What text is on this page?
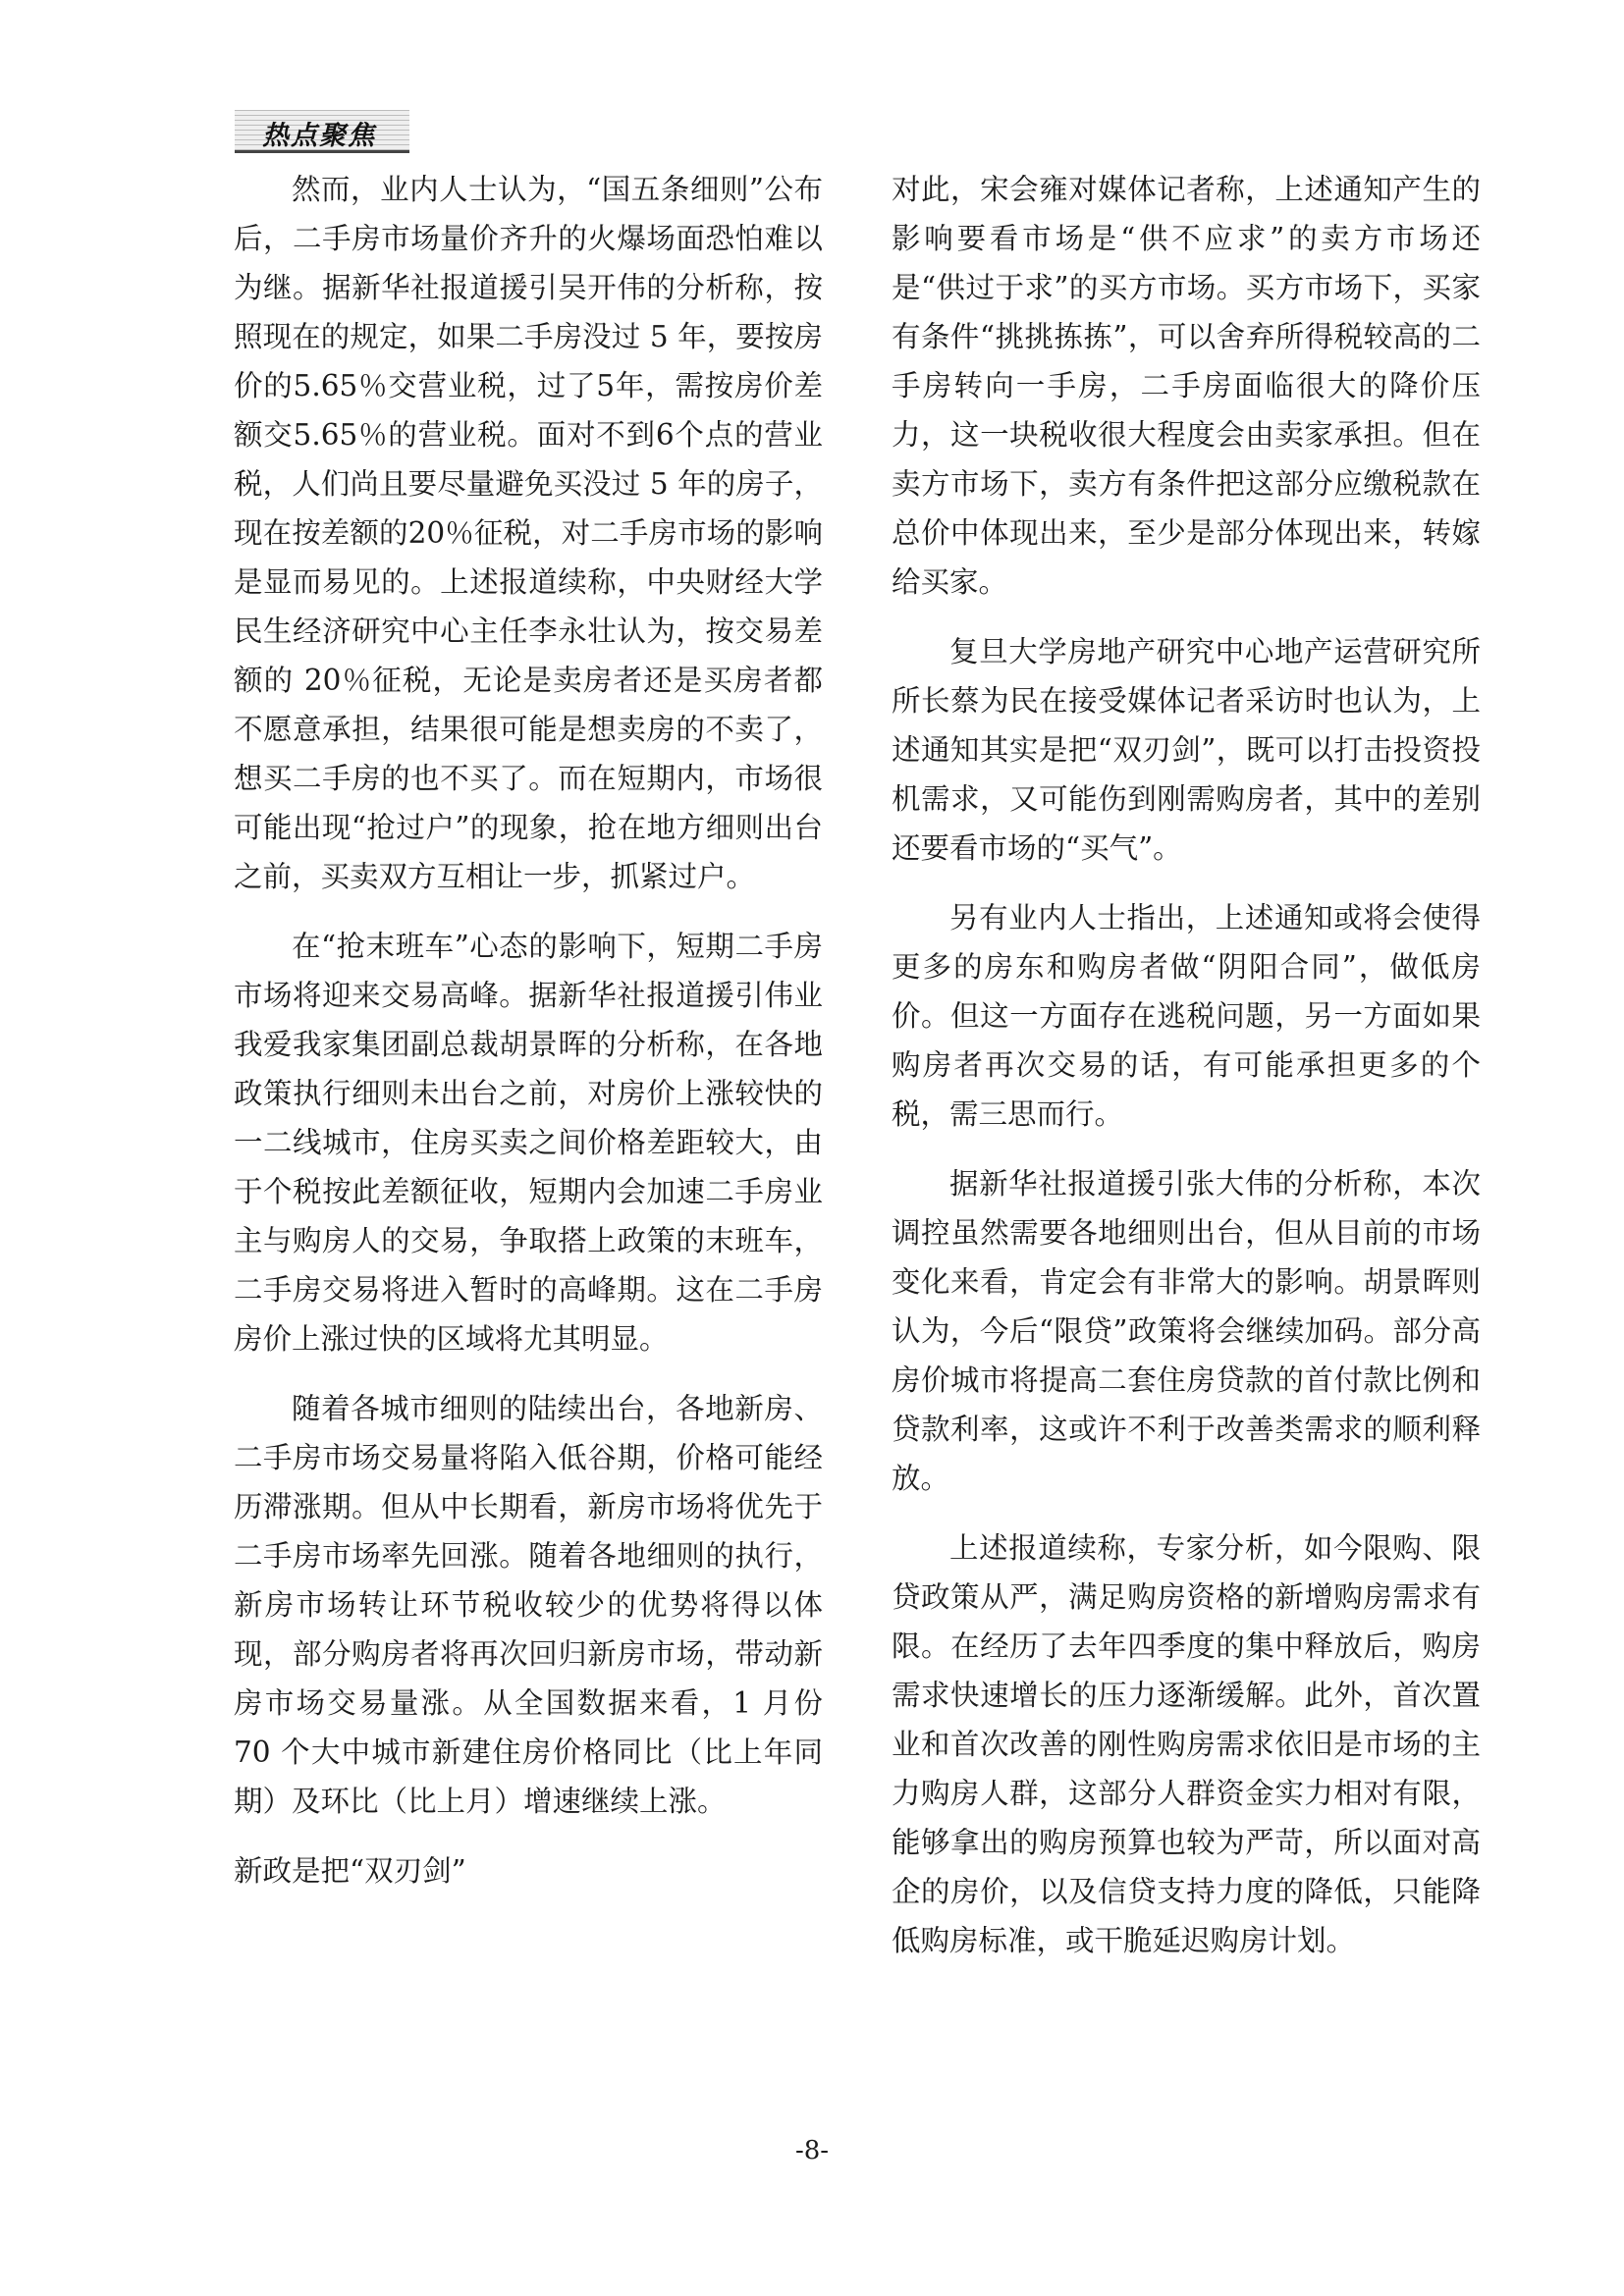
热点聚焦

然而，业内人士认为，“国五条细则”公布后，二手房市场量价齐升的火爆场面恐怕难以为继。据新华社报道援引吴开伟的分析称，按照现在的规定，如果二手房没过 5 年，要按房价的5.65％交营业税，过了5年，需按房价差额交5.65％的营业税。面对不到6个点的营业税，人们尚且要尽量避免买没过 5 年的房子，现在按差额的20％征税，对二手房市场的影响是显而易见的。上述报道续称，中央财经大学民生经济研究中心主任李永壮认为，按交易差额的 20％征税，无论是卖房者还是买房者都不愿意承担，结果很可能是想卖房的不卖了，想买二手房的也不买了。而在短期内，市场很可能出现“抢过户”的现象，抢在地方细则出台之前，买卖双方互相让一步，抓紧过户。

在“抢末班车”心态的影响下，短期二手房市场将迎来交易高峰。据新华社报道援引伟业我爱我家集团副总裁胡景晖的分析称，在各地政策执行细则未出台之前，对房价上涨较快的一二线城市，住房买卖之间价格差距较大，由于个税按此差额征收，短期内会加速二手房业主与购房人的交易，争取搭上政策的末班车，二手房交易将进入暂时的高峰期。这在二手房房价上涨过快的区域将尤其明显。

随着各城市细则的陆续出台，各地新房、二手房市场交易量将陷入低谷期，价格可能经历滞涨期。但从中长期看，新房市场将优先于二手房市场率先回涨。随着各地细则的执行，新房市场转让环节税收较少的优势将得以体现，部分购房者将再次回归新房市场，带动新房市场交易量涨。从全国数据来看，1 月份 70 个大中城市新建住房价格同比（比上年同期）及环比（比上月）增速继续上涨。

新政是把“双刃剑”

对此，宋会雍对媒体记者称，上述通知产生的影响要看市场是“供不应求”的卖方市场还是“供过于求”的买方市场。买方市场下，买家有条件“挑挑拣拣”，可以舍弃所得税较高的二手房转向一手房，二手房面临很大的降价压力，这一块税收很大程度会由卖家承担。但在卖方市场下，卖方有条件把这部分应缴税款在总价中体现出来，至少是部分体现出来，转嫁给买家。

复旦大学房地产研究中心地产运营研究所所长蔡为民在接受媒体记者采访时也认为，上述通知其实是把“双刃剑”，既可以打击投资投机需求，又可能伤到刚需购房者，其中的差别还要看市场的“买气”。

另有业内人士指出，上述通知或将会使得更多的房东和购房者做“阴阳合同”，做低房价。但这一方面存在逃税问题，另一方面如果购房者再次交易的话，有可能承担更多的个税，需三思而行。

据新华社报道援引张大伟的分析称，本次调控虽然需要各地细则出台，但从目前的市场变化来看，肯定会有非常大的影响。胡景晖则认为，今后“限贷”政策将会继续加码。部分高房价城市将提高二套住房贷款的首付款比例和贷款利率，这或许不利于改善类需求的顺利释放。

上述报道续称，专家分析，如今限购、限贷政策从严，满足购房资格的新增购房需求有限。在经历了去年四季度的集中释放后，购房需求快速增长的压力逐渐缓解。此外，首次置业和首次改善的刚性购房需求依旧是市场的主力购房人群，这部分人群资金实力相对有限，能够拿出的购房预算也较为严苛，所以面对高企的房价，以及信贷支持力度的降低，只能降低购房标准，或干脆延迟购房计划。

-8-
